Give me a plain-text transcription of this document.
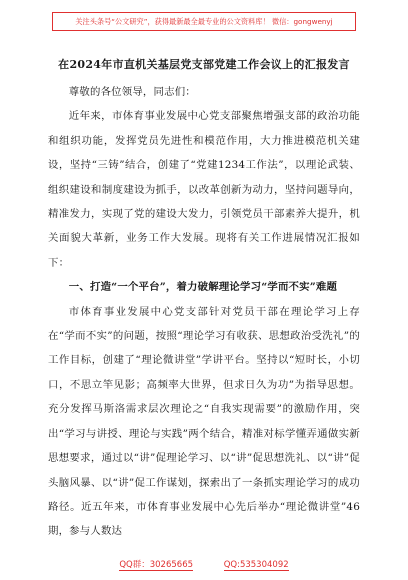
关注头条号“公文研究”，获得最新最全最专业的公文资料库！ 微信：gongwenyj
在2024年市直机关基层党支部党建工作会议上的汇报发言

尊敬的各位领导，同志们：

近年来，市体育事业发展中心党支部聚焦增强支部的政治功能和组织功能，发挥党员先进性和模范作用，大力推进模范机关建设，坚持“三铸”结合，创建了“党建1234工作法”，以理论武装、组织建设和制度建设为抓手，以改革创新为动力，坚持问题导向，精准发力，实现了党的建设大发力，引领党员干部素养大提升，机关面貌大革新，业务工作大发展。现将有关工作进展情况汇报如下：

一、打造“一个平台”，着力破解理论学习“学而不实”难题

市体育事业发展中心党支部针对党员干部在理论学习上存在“学而不实”的问题，按照“理论学习有收获、思想政治受洗礼”的工作目标，创建了“理论微讲堂”学讲平台。坚持以“短时长，小切口，不思立竿见影；高频率大世界，但求日久为功”为指导思想。充分发挥马斯洛需求层次理论之“自我实现需要”的激励作用，突出“学习与讲授、理论与实践”两个结合，精准对标学懂弄通做实新思想要求，通过以“讲”促理论学习、以“讲”促思想洗礼、以“讲”促头脑风暴、以“讲”促工作谋划，探索出了一条抓实理论学习的成功路径。近五年来，市体育事业发展中心先后举办“理论微讲堂”46期，参与人数达

QQ群：30265665	QQ:535304092
